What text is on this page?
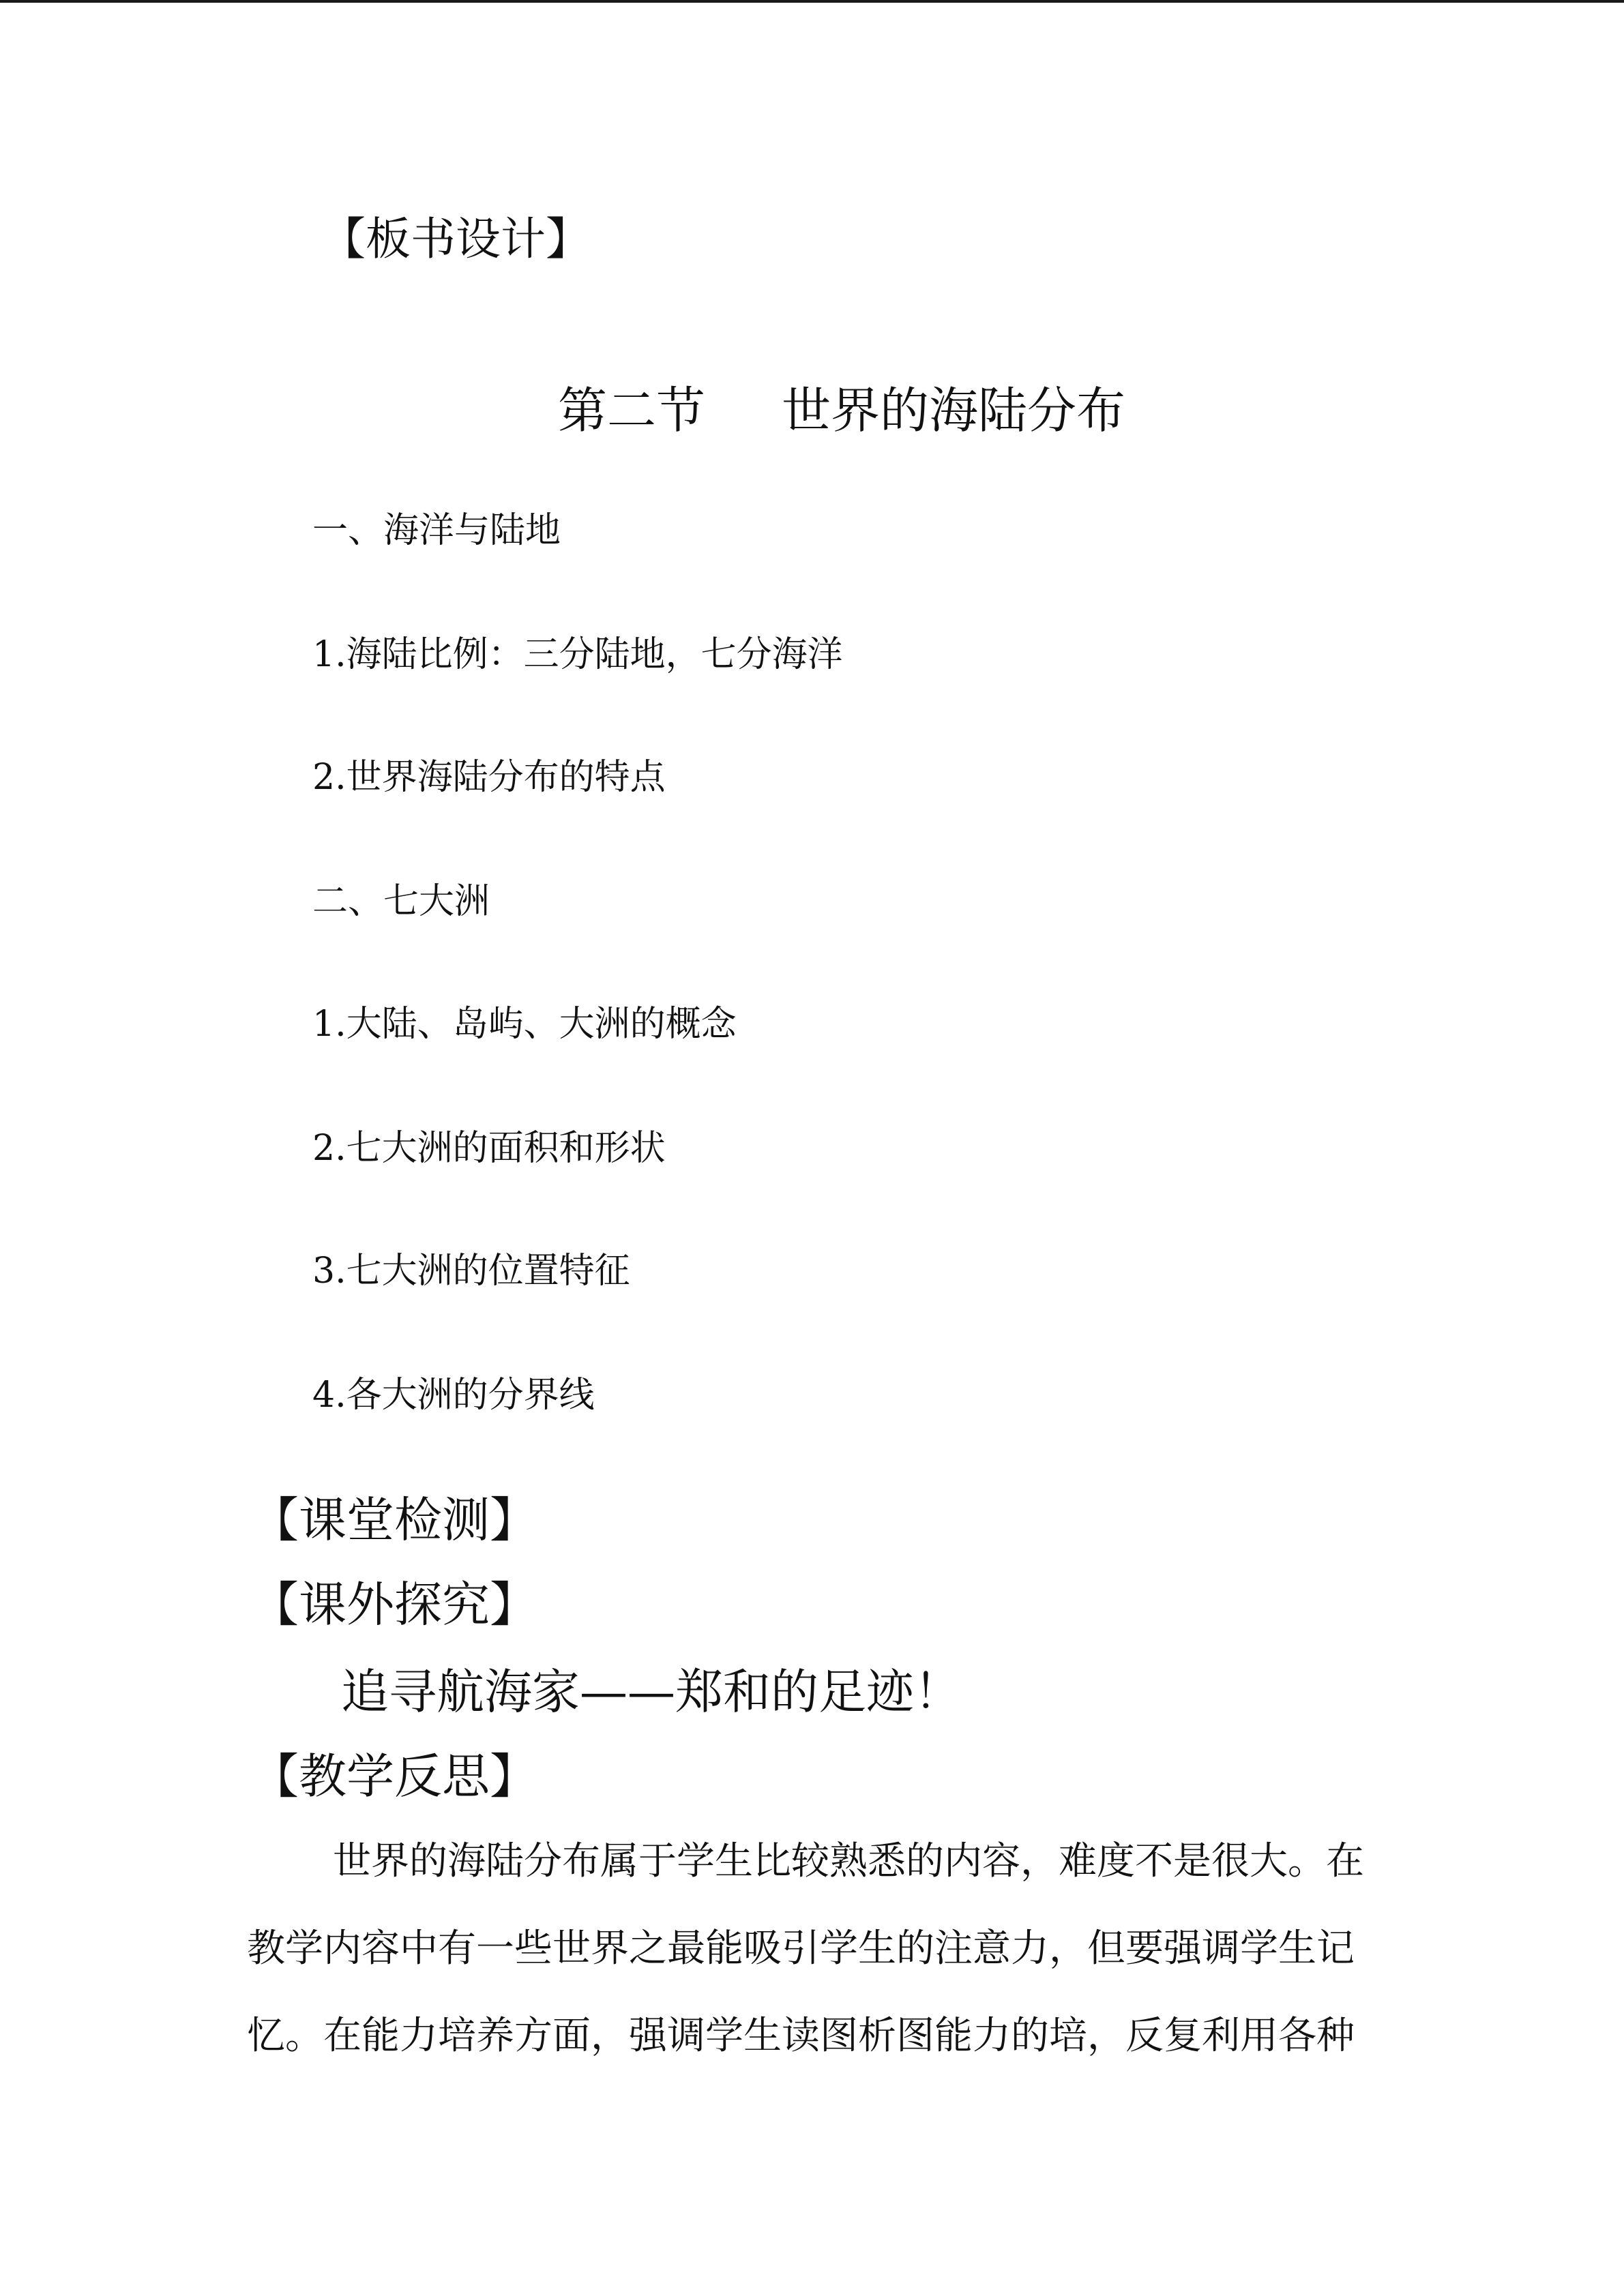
【板书设计】
第二节 世界的海陆分布
一、海洋与陆地
1.海陆比例：三分陆地，七分海洋
2.世界海陆分布的特点
二、七大洲
1.大陆、岛屿、大洲的概念
2.七大洲的面积和形状
3.七大洲的位置特征
4.各大洲的分界线
【课堂检测】
【课外探究】
追寻航海家——郑和的足迹！
【教学反思】
世界的海陆分布属于学生比较熟悉的内容，难度不是很大。在
教学内容中有一些世界之最能吸引学生的注意力，但要强调学生记
忆。在能力培养方面，强调学生读图析图能力的培，反复利用各种
